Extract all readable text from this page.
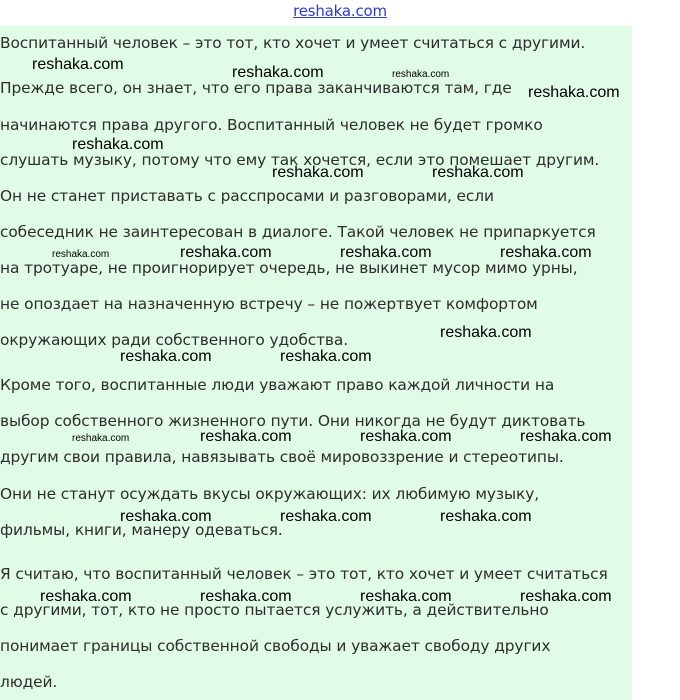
reshaka.com
Воспитанный человек – это тот, кто хочет и умеет считаться с другими.
Прежде всего, он знает, что его права заканчиваются там, где
начинаются права другого. Воспитанный человек не будет громко
слушать музыку, потому что ему так хочется, если это помешает другим.
Он не станет приставать с расспросами и разговорами, если
собеседник не заинтересован в диалоге. Такой человек не припаркуется
на тротуаре, не проигнорирует очередь, не выкинет мусор мимо урны,
не опоздает на назначенную встречу – не пожертвует комфортом
окружающих ради собственного удобства.
Кроме того, воспитанные люди уважают право каждой личности на
выбор собственного жизненного пути. Они никогда не будут диктовать
другим свои правила, навязывать своё мировоззрение и стереотипы.
Они не станут осуждать вкусы окружающих: их любимую музыку,
фильмы, книги, манеру одеваться.
Я считаю, что воспитанный человек – это тот, кто хочет и умеет считаться
с другими, тот, кто не просто пытается услужить, а действительно
понимает границы собственной свободы и уважает свободу других
людей.
reshaka.com	reshaka.com	reshaka.com
reshaka.com
reshaka.com
reshaka.com	reshaka.com
reshaka.com	reshaka.com	reshaka.com	reshaka.com
reshaka.com
reshaka.com	reshaka.com
reshaka.com	reshaka.com	reshaka.com	reshaka.com
reshaka.com	reshaka.com	reshaka.com
reshaka.com	reshaka.com	reshaka.com	reshaka.com
